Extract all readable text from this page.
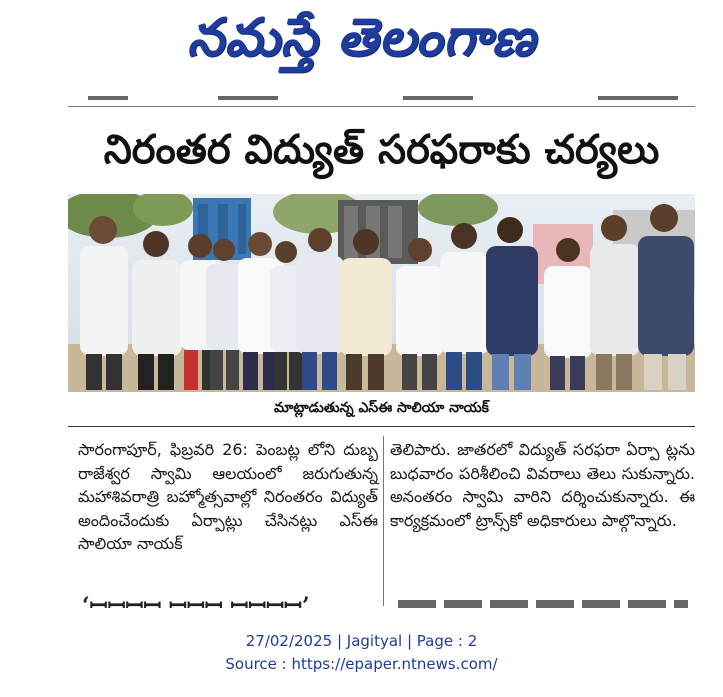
నమస్తే తెలంగాణ
నిరంతర విద్యుత్ సరఫరాకు చర్యలు
మాట్లాడుతున్న ఎస్ఈ సాలియా నాయక్
సారంగాపూర్, ఫిబ్రవరి 26: పెంబట్ల లోని దుబ్బ రాజేశ్వర స్వామి ఆలయంలో జరుగుతున్న మహాశివరాత్రి బహ్మోత్సవాల్లో నిరంతరం విద్యుత్ అందించేందుకు ఏర్పాట్లు చేసినట్లు ఎస్ఈ సాలియా నాయక్
తెలిపారు. జాతరలో విద్యుత్ సరఫరా ఏర్పా ట్లను బుధవారం పరిశీలించి వివరాలు తెలు సుకున్నారు. అనంతరం స్వామి వారిని దర్శించుకున్నారు. ఈ కార్యక్రమంలో ట్రాన్స్‌కో అధికారులు పాల్గొన్నారు.
‘ꟷꟷꟷꟷ ꟷꟷꟷ ꟷꟷꟷꟷ’
27/02/2025 | Jagityal | Page : 2
Source : https://epaper.ntnews.com/
